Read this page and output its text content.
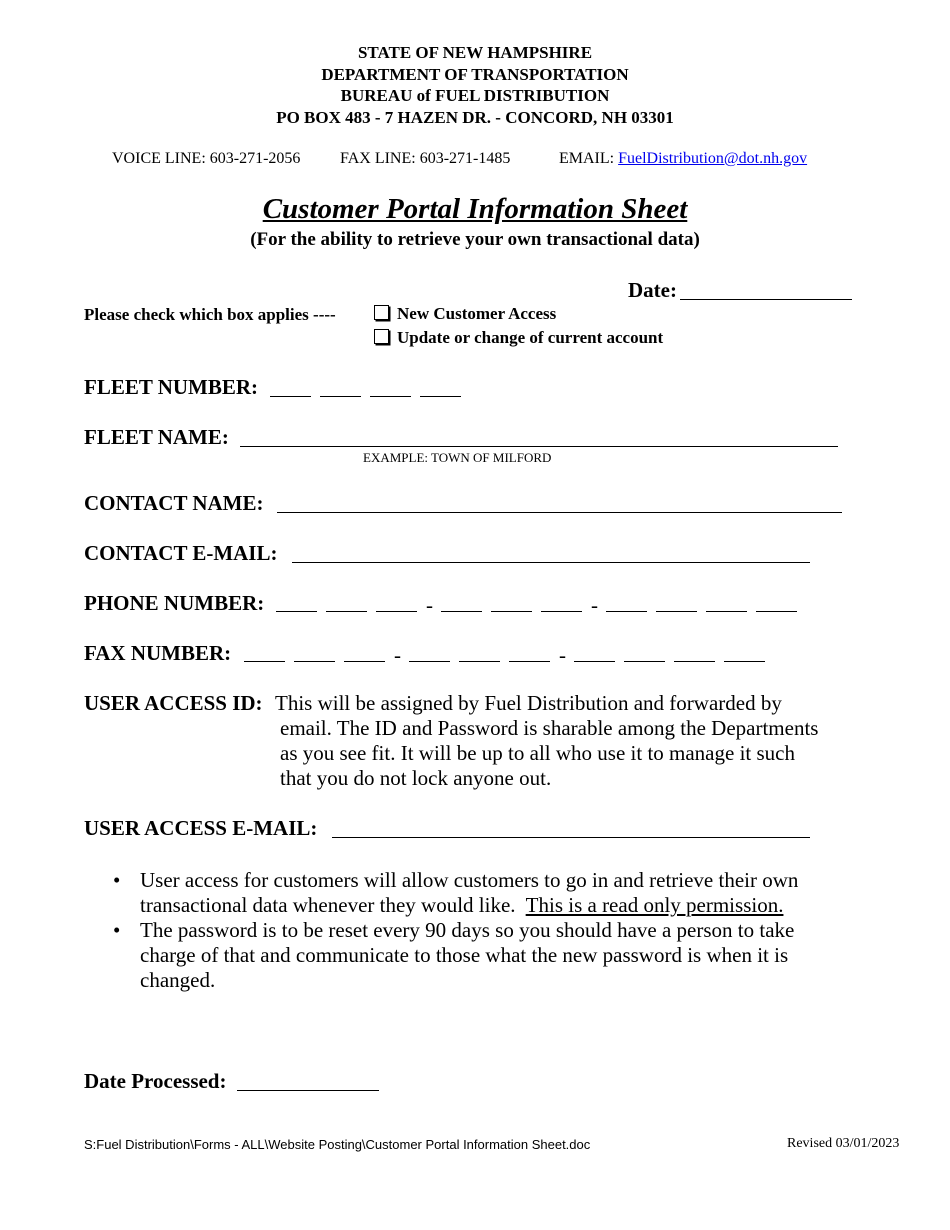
STATE OF NEW HAMPSHIRE
DEPARTMENT OF TRANSPORTATION
BUREAU of FUEL DISTRIBUTION
PO BOX 483 - 7 HAZEN DR. - CONCORD, NH 03301
VOICE LINE: 603-271-2056 FAX LINE: 603-271-1485	EMAIL: FuelDistribution@dot.nh.gov
Customer Portal Information Sheet
(For the ability to retrieve your own transactional data)
Date:
Please check which box applies ----	New Customer Access
Update or change of current account
FLEET NUMBER:
FLEET NAME:
EXAMPLE: TOWN OF MILFORD
CONTACT NAME:
CONTACT E-MAIL:
PHONE NUMBER:	-	-
FAX NUMBER:	-	-
USER ACCESS ID: This will be assigned by Fuel Distribution and forwarded by
email. The ID and Password is sharable among the Departments
as you see fit. It will be up to all who use it to manage it such
that you do not lock anyone out.
USER ACCESS E-MAIL:
• User access for customers will allow customers to go in and retrieve their own
transactional data whenever they would like.  This is a read only permission.
• The password is to be reset every 90 days so you should have a person to take
charge of that and communicate to those what the new password is when it is
changed.
Date Processed:
S:Fuel Distribution\Forms - ALL\Website Posting\Customer Portal Information Sheet.doc	Revised 03/01/2023
